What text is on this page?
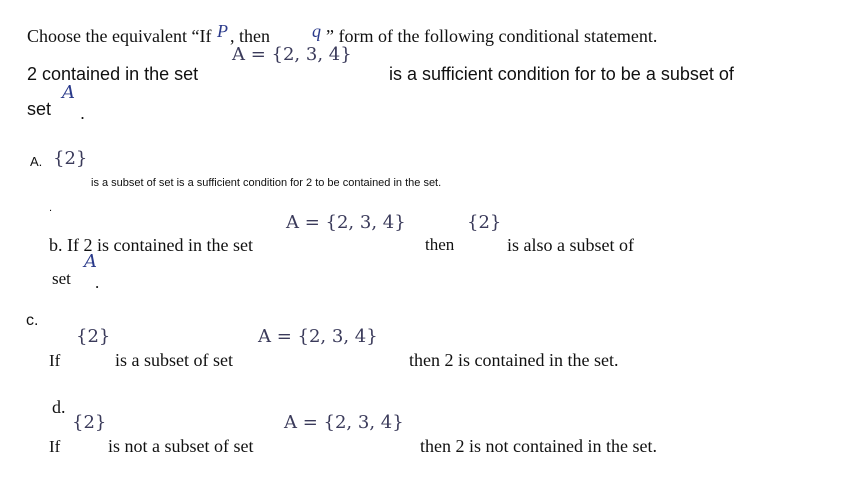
Choose the equivalent “If P , then q ” form of the following conditional statement.
A = {2, 3, 4}
2 contained in the set	is a sufficient condition for to be a subset of
A
set .
A. {2}
is a subset of set is a sufficient condition for 2 to be contained in the set.
.
A = {2, 3, 4}	{2}
b. If 2 is contained in the set	then	is also a subset of
A
set .
c.
{2}	A = {2, 3, 4}
If	is a subset of set	then 2 is contained in the set.
d.
{2}	A = {2, 3, 4}
If	is not a subset of set	then 2 is not contained in the set.
